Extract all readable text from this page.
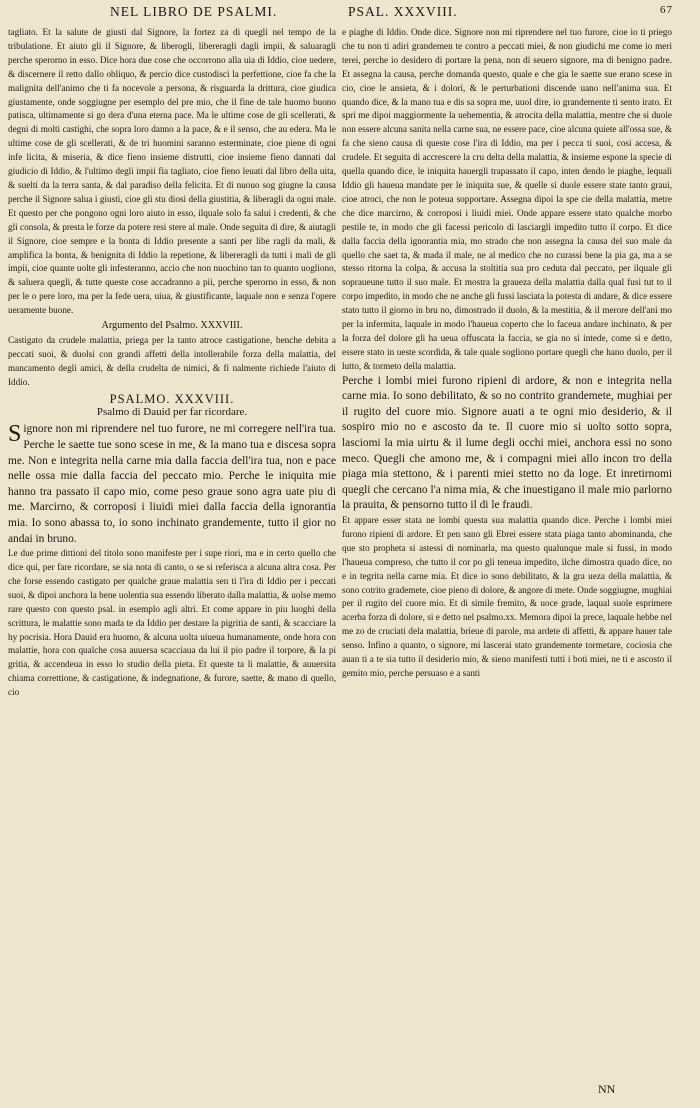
NEL LIBRO DE PSALMI.	PSAL. XXXVIII.	67

tagliato. Et la salute de giusti dal Signore, la fortez za di quegli nel tempo de la tribulatione. Et aiuto gli il Signore, & liberogli, libereragli dagli impii, & saluaragli perche sperorno in esso. Dice hora due cose che occorrono alla uia di Iddio, cioe uedere, & discernere il retto dallo obliquo, & percio dice custodisci la perfettione, cioe fa che la malignita dell'animo che ti fa nocevole a persona, & risguarda la drittura, cioe giudica giustamente, onde soggiugne per esemplo del pre mio, che il fine de tale huomo buono patisca, ultimamente si go dera d'una eterna pace. Ma le ultime cose de gli scellerati, & degni di molti castighi, che sopra loro danno a la pace, & e il senso, che au edera. Ma le ultime cose de gli scellerati, & de tri huomini saranno esterminate, cioe piene di ogni infe licita, & miseria, & dice fieno insieme distrutti, cioe insieme fieno dannati dal giudicio di Iddio, & l'ultimo degli impii fia tagliato, cioe fieno leuati dal libro della uita, & suelti da la terra santa, & dal paradiso della felicita. Et di nuouo sog giugne la causa perche il Signore salua i giusti, cioe gli stu diosi della giustitia, & liberagli da ogni male. Et questo per che pongono ogni loro aiuto in esso, ilquale solo fa salui i credenti, & che gli consola, & presta le forze da potere resi stere al male. Onde seguita di dire, & aiutagli il Signore, cioe sempre e la bonta di Iddio presente a santi per libe ragli da mali, & amplifica la bonta, & benignita di Iddio la repetione, & libereragli da tutti i mali de gli impii, cioe quante uolte gli infesteranno, accio che non nuochino tan to quanto uogliono, & saluera quegli, & tutte queste cose accadranno a pii, perche sperorno in esso, & non per le o pere loro, ma per la fede uera, uiua, & giustificante, laquale non e senza l'opere ueramente buone.

Argumento del Psalmo. XXXVIII.

Castigato da crudele malattia, priega per la tanto atroce castigatione, benche debita a peccati suoi, & duolsi con grandi affetti della intollerabile forza della malattia, del mancamento degli amici, & della crudelta de nimici, & fi nalmente richiede l'aiuto di Iddio.

PSALMO. XXXVIII.

Psalmo di Dauid per far ricordare.

Signore non mi riprendere nel tuo furore, ne mi corregere nell'ira tua. Perche le saette tue sono scese in me, & la mano tua e discesa sopra me. Non e integrita nella carne mia dalla faccia dell'ira tua, non e pace nelle ossa mie dalla faccia del peccato mio. Perche le iniquita mie hanno tra passato il capo mio, come peso graue sono agra uate piu di me. Marcirno, & corroposi i liuidi miei dalla faccia della ignorantia mia. Io sono abassa to, io sono inchinato grandemente, tutto il gior no andai in bruno.

Le due prime dittioni del titolo sono manifeste per i supe riori, ma e in certo quello che dice qui, per fare ricordare, se sia nota di canto, o se si referisca a alcuna altra cosa. Per che forse essendo castigato per qualche graue malattia sen ti l'ira di Iddio per i peccati suoi, & dipoi anchora la bene uolentia sua essendo liberato dalla malattia, & uolse memo rare questo con questo psal. in esemplo agli altri. Et come appare in piu luoghi della scrittura, le malattie sono mada te da Iddio per destare la pigritia de santi, & scacciare la hy pocrisia. Hora Dauid era huomo, & alcuna uolta uiueua humanamente, onde hora con malattie, hora con qualche cosa auuersa scacciaua da lui il pio padre il torpore, & la pi gritia, & accendeua in esso lo studio della pieta. Et queste ta li malattie, & auuersita chiama correttione, & castigatione, & indegnatione, & furore, saette, & mano di quello, cio

e piaghe di Iddio. Onde dice. Signore non mi riprendere nel tuo furore, cioe io ti priego che tu non ti adiri grandemen te contro a peccati miei, & non giudichi me come io meri terei, perche io desidero di portare la pena, non di seuero signore, ma di benigno padre. Et assegna la causa, perche domanda questo, quale e che gia le saette sue erano scese in cio, cioe le ansieta, & i dolori, & le perturbationi discende uano nell'anima sua. Et quando dice, & la mano tua e dis sa sopra me, uuol dire, io grandemente ti sento irato. Et spri me dipoi maggiormente la uehementia, & atrocita della malattia, mentre che si duole non essere alcuna sanita nella carne sua, ne essere pace, cioe alcuna quiete all'ossa sue, & fa che sieno causa di queste cose l'ira di Iddio, ma per i pecca ti suoi, cosi accesa, & crudele. Et seguita di accrescere la cru delta della malattia, & insieme espone la specie di quella quando dice, le iniquita hauergli trapassato il capo, inten dendo le piaghe, lequali Iddio gli haueua mandate per le iniquita sue, & quelle si duole essere state tanto graui, cioe atroci, che non le poteua sopportare. Assegna dipoi la spe cie della malattia, metre che dice marcirno, & corroposi i liuidi miei. Onde appare essere stato qualche morbo pestile te, in modo che gli facessi pericolo di lasciargli impedito tutto il corpo. Et dice dalla faccia della ignorantia mia, mo strado che non assegna la causa del suo male da quello che saet ta, & mada il male, ne al medico che no curassi bene la pia ga, ma a se stesso ritorna la colpa, & accusa la stoltitia sua pro ceduta dal peccato, per ilquale gli sopraueune tutto il suo male. Et mostra la graueza della malattia dalla qual fusi tut to il corpo impedito, in modo che ne anche gli fussi lasciata la potesta di andare, & dice essere stato tutto il giorno in bru no, dimostrado il duolo, & la mestitia, & il merore dell'ani mo per la infermita, laquale in modo l'haueua coperto che lo faceua andare inchinato, & per la forza del dolore gli ha ueua offuscata la faccia, se gia no si intede, come si e detto, essere stato in ueste scordida, & tale quale sogliono portare quegli che hano duolo, per il lutto, & tormeto della malattia.

Perche i lombi miei furono ripieni di ardore, & non e integrita nella carne mia. Io sono debilitato, & so no contrito grandemete, mughiai per il rugito del cuore mio. Signore auati a te ogni mio desiderio, & il sospiro mio no e ascosto da te. Il cuore mio si uolto sotto sopra, lasciomi la mia uirtu & il lume degli occhi miei, anchora essi no sono meco. Quegli che amono me, & i compagni miei allo incon tro della piaga mia stettono, & i parenti miei stetto no da loge. Et inretirnomi quegli che cercano l'a nima mia, & che inuestigano il male mio parlorno la prauita, & pensorno tutto il di le fraudi.

Et appare esser stata ne lombi questa sua malattia quando dice. Perche i lombi miei furono ripieni di ardore. Et pen sano gli Ebrei essere stata piaga tanto abominanda, che que sto propheta si astessi di nominarla, ma questo qualunque male si fussi, in modo l'haueua compreso, che tutto il cor po gli teneua impedito, ilche dimostra quado dice, no e in tegrita nella carne mia. Et dice io sono debilitato, & la gra ueza della malattia, & sono cotrito grademete, cioe pieno di dolore, & angore di mete. Onde soggiugne, mughiai per il rugito del cuore mio. Et di simile fremito, & uoce grade, laqual suole esprimere acerba forza di dolore, si e detto nel psalmo.xx. Memora dipoi la prece, laquale hebbe nel me zo de cruciati dela malattia, brieue di parole, ma ardete di affetti, & appare hauer tale senso. Infino a quanto, o signore, mi lascerai stato grandemente tormetare, cociosia che auan ti a te sia tutto il desiderio mio, & sieno manifesti tutti i boti miei, ne ti e ascosto il gemito mio, perche persuaso e a santi

NN
